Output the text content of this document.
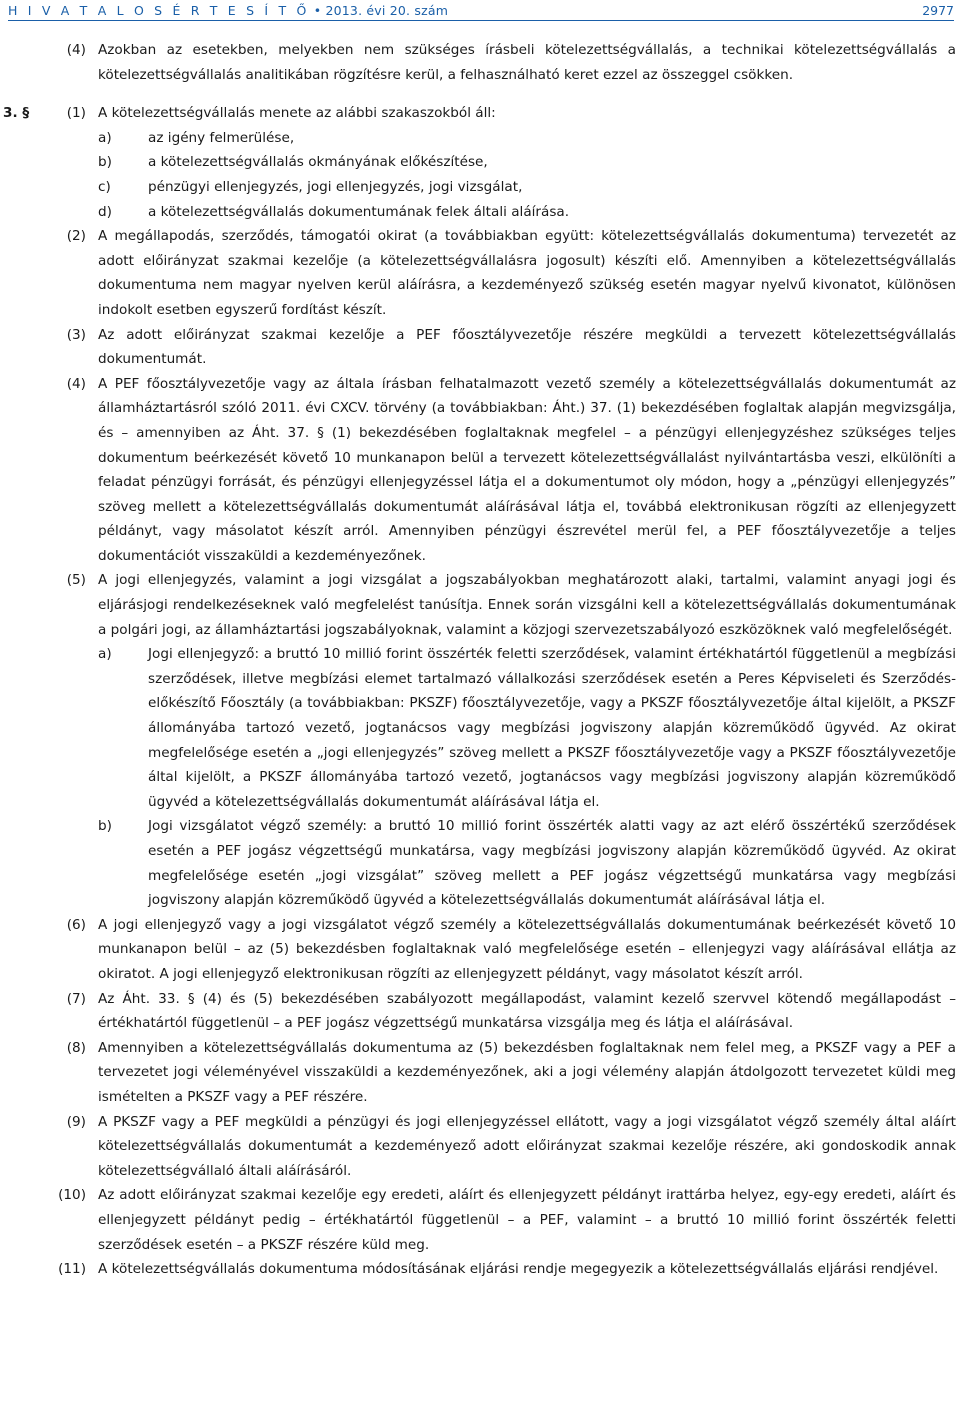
H I V A T A L O S É R T E S Í T Ő • 2013. évi 20. szám	2977
(4) Azokban az esetekben, melyekben nem szükséges írásbeli kötelezettségvállalás, a technikai kötelezettségvállalás a kötelezettségvállalás analitikában rögzítésre kerül, a felhasználható keret ezzel az összeggel csökken.
3. §	(1) A kötelezettségvállalás menete az alábbi szakaszokból áll:
a)	az igény felmerülése,
b)	a kötelezettségvállalás okmányának előkészítése,
c)	pénzügyi ellenjegyzés, jogi ellenjegyzés, jogi vizsgálat,
d)	a kötelezettségvállalás dokumentumának felek általi aláírása.
(2) A megállapodás, szerződés, támogatói okirat (a továbbiakban együtt: kötelezettségvállalás dokumentuma) tervezetét az adott előirányzat szakmai kezelője (a kötelezettségvállalásra jogosult) készíti elő. Amennyiben a kötelezettségvállalás dokumentuma nem magyar nyelven kerül aláírásra, a kezdeményező szükség esetén magyar nyelvű kivonatot, különösen indokolt esetben egyszerű fordítást készít.
(3) Az adott előirányzat szakmai kezelője a PEF főosztályvezetője részére megküldi a tervezett kötelezettségvállalás dokumentumát.
(4) A PEF főosztályvezetője vagy az általa írásban felhatalmazott vezető személy a kötelezettségvállalás dokumentumát az államháztartásról szóló 2011. évi CXCV. törvény (a továbbiakban: Áht.) 37. (1) bekezdésében foglaltak alapján megvizsgálja, és – amennyiben az Áht. 37. § (1) bekezdésében foglaltaknak megfelel – a pénzügyi ellenjegyzéshez szükséges teljes dokumentum beérkezését követő 10 munkanapon belül a tervezett kötelezettségvállalást nyilvántartásba veszi, elkülöníti a feladat pénzügyi forrását, és pénzügyi ellenjegyzéssel látja el a dokumentumot oly módon, hogy a „pénzügyi ellenjegyzés” szöveg mellett a kötelezettségvállalás dokumentumát aláírásával látja el, továbbá elektronikusan rögzíti az ellenjegyzett példányt, vagy másolatot készít arról. Amennyiben pénzügyi észrevétel merül fel, a PEF főosztályvezetője a teljes dokumentációt visszaküldi a kezdeményezőnek.
(5) A jogi ellenjegyzés, valamint a jogi vizsgálat a jogszabályokban meghatározott alaki, tartalmi, valamint anyagi jogi és eljárásjogi rendelkezéseknek való megfelelést tanúsítja. Ennek során vizsgálni kell a kötelezettségvállalás dokumentumának a polgári jogi, az államháztartási jogszabályoknak, valamint a közjogi szervezetszabályozó eszközöknek való megfelelőségét.
a)	Jogi ellenjegyző: a bruttó 10 millió forint összérték feletti szerződések, valamint értékhatártól függetlenül a megbízási szerződések, illetve megbízási elemet tartalmazó vállalkozási szerződések esetén a Peres Képviseleti és Szerződés-előkészítő Főosztály (a továbbiakban: PKSZF) főosztályvezetője, vagy a PKSZF főosztályvezetője által kijelölt, a PKSZF állományába tartozó vezető, jogtanácsos vagy megbízási jogviszony alapján közreműködő ügyvéd. Az okirat megfelelősége esetén a „jogi ellenjegyzés” szöveg mellett a PKSZF főosztályvezetője vagy a PKSZF főosztályvezetője által kijelölt, a PKSZF állományába tartozó vezető, jogtanácsos vagy megbízási jogviszony alapján közreműködő ügyvéd a kötelezettségvállalás dokumentumát aláírásával látja el.
b)	Jogi vizsgálatot végző személy: a bruttó 10 millió forint összérték alatti vagy az azt elérő összértékű szerződések esetén a PEF jogász végzettségű munkatársa, vagy megbízási jogviszony alapján közreműködő ügyvéd. Az okirat megfelelősége esetén „jogi vizsgálat” szöveg mellett a PEF jogász végzettségű munkatársa vagy megbízási jogviszony alapján közreműködő ügyvéd a kötelezettségvállalás dokumentumát aláírásával látja el.
(6) A jogi ellenjegyző vagy a jogi vizsgálatot végző személy a kötelezettségvállalás dokumentumának beérkezését követő 10 munkanapon belül – az (5) bekezdésben foglaltaknak való megfelelősége esetén – ellenjegyzi vagy aláírásával ellátja az okiratot. A jogi ellenjegyző elektronikusan rögzíti az ellenjegyzett példányt, vagy másolatot készít arról.
(7) Az Áht. 33. § (4) és (5) bekezdésében szabályozott megállapodást, valamint kezelő szervvel kötendő megállapodást – értékhatártól függetlenül – a PEF jogász végzettségű munkatársa vizsgálja meg és látja el aláírásával.
(8) Amennyiben a kötelezettségvállalás dokumentuma az (5) bekezdésben foglaltaknak nem felel meg, a PKSZF vagy a PEF a tervezetet jogi véleményével visszaküldi a kezdeményezőnek, aki a jogi vélemény alapján átdolgozott tervezetet küldi meg ismételten a PKSZF vagy a PEF részére.
(9) A PKSZF vagy a PEF megküldi a pénzügyi és jogi ellenjegyzéssel ellátott, vagy a jogi vizsgálatot végző személy által aláírt kötelezettségvállalás dokumentumát a kezdeményező adott előirányzat szakmai kezelője részére, aki gondoskodik annak kötelezettségvállaló általi aláírásáról.
(10) Az adott előirányzat szakmai kezelője egy eredeti, aláírt és ellenjegyzett példányt irattárba helyez, egy-egy eredeti, aláírt és ellenjegyzett példányt pedig – értékhatártól függetlenül – a PEF, valamint – a bruttó 10 millió forint összérték feletti szerződések esetén – a PKSZF részére küld meg.
(11) A kötelezettségvállalás dokumentuma módosításának eljárási rendje megegyezik a kötelezettségvállalás eljárási rendjével.
